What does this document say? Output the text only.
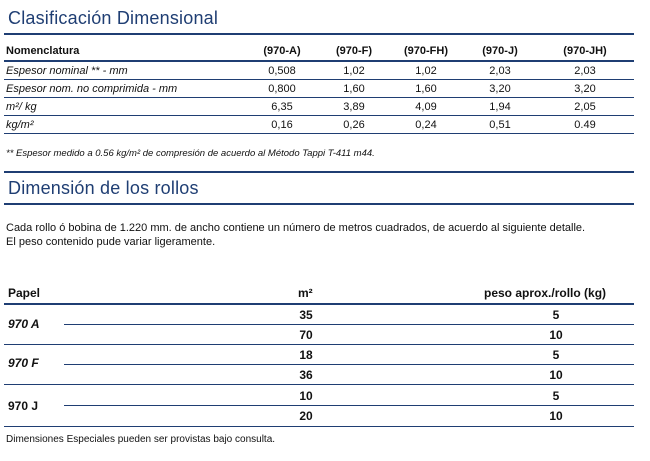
Clasificación Dimensional
Nomenclatura	(970-A)	(970-F)	(970-FH)	(970-J)	(970-JH)
Espesor nominal ** - mm	0,508	1,02	1,02	2,03	2,03
Espesor nom. no comprimida - mm	0,800	1,60	1,60	3,20	3,20
m²/ kg	6,35	3,89	4,09	1,94	2,05
kg/m²	0,16	0,26	0,24	0,51	0.49
** Espesor medido a 0.56 kg/m² de compresión de acuerdo al Método Tappi T-411 m44.
Dimensión de los rollos
Cada rollo ó bobina de 1.220 mm. de ancho contiene un número de metros cuadrados, de acuerdo al siguiente detalle.
El peso contenido pude variar ligeramente.
Papel	m²	peso aprox./rollo (kg)
970 A
35	5
70	10
970 F
18	5
36	10
970 J
10	5
20	10
Dimensiones Especiales pueden ser provistas bajo consulta.
